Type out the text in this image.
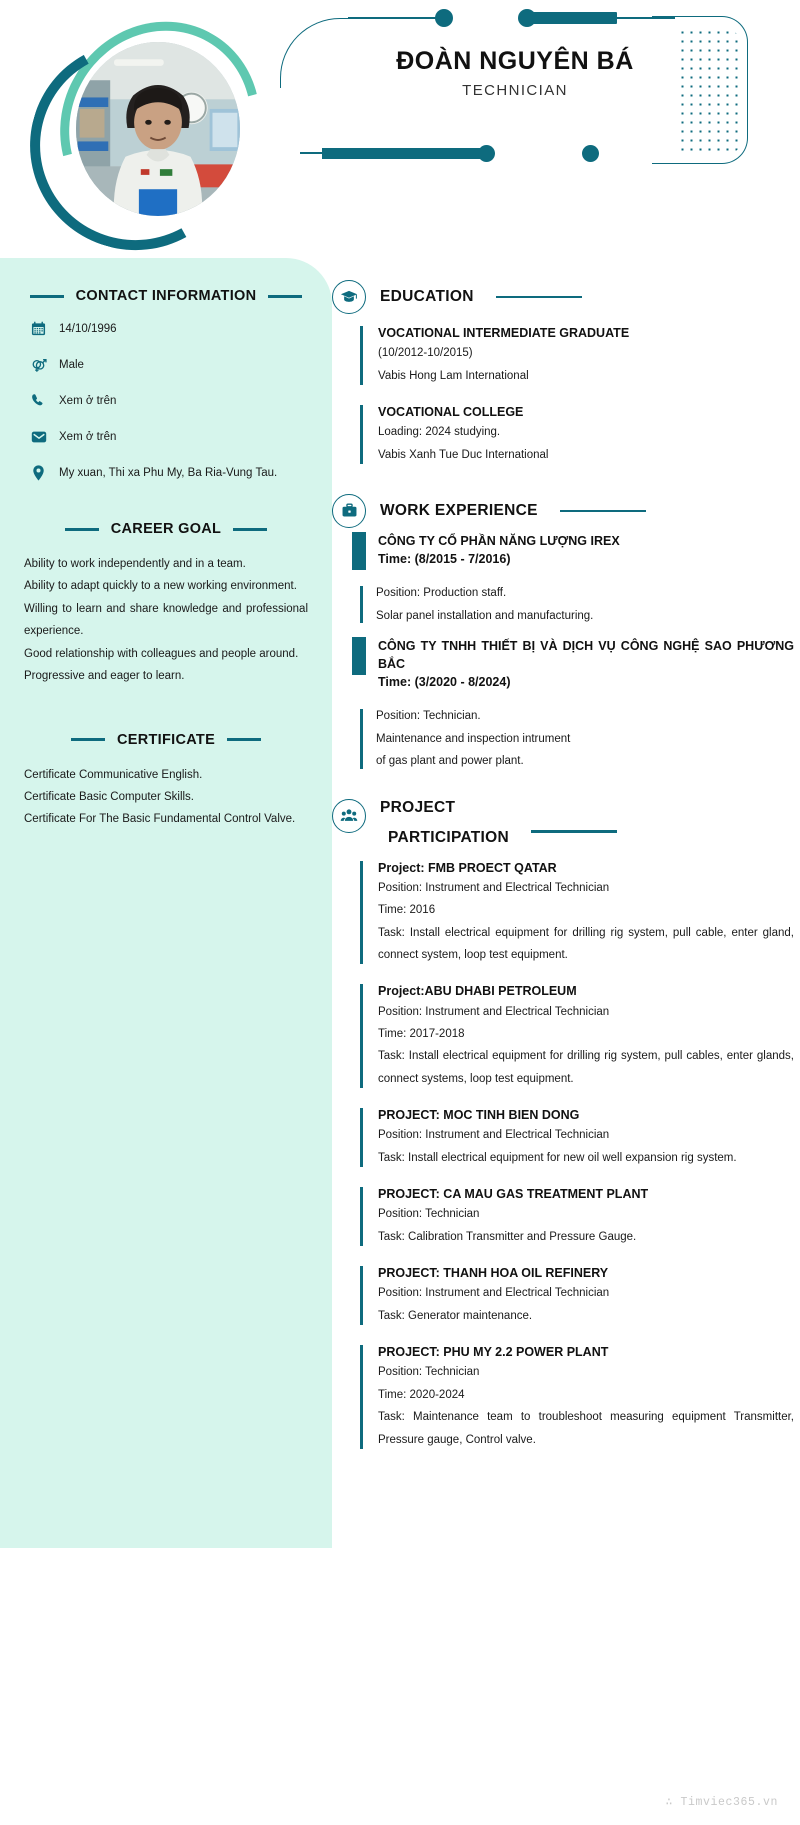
ĐOÀN NGUYÊN BÁ
TECHNICIAN
CONTACT INFORMATION
14/10/1996
Male
Xem ở trên
Xem ở trên
My xuan, Thi xa Phu My, Ba Ria-Vung Tau.
CAREER GOAL
Ability to work independently and in a team.
Ability to adapt quickly to a new working environment.
Willing to learn and share knowledge and professional experience.
Good relationship with colleagues and people around.
Progressive and eager to learn.
CERTIFICATE
Certificate Communicative English.
Certificate Basic Computer Skills.
Certificate For The Basic Fundamental Control Valve.
EDUCATION
VOCATIONAL INTERMEDIATE GRADUATE
(10/2012-10/2015)
Vabis Hong Lam International
VOCATIONAL COLLEGE
Loading: 2024 studying.
Vabis Xanh Tue Duc International
WORK EXPERIENCE
CÔNG TY CỔ PHẦN NĂNG LƯỢNG IREX
Time: (8/2015 - 7/2016)
Position: Production staff.
Solar panel installation and manufacturing.
CÔNG TY TNHH THIẾT BỊ VÀ DỊCH VỤ CÔNG NGHỆ SAO PHƯƠNG BẮC
Time: (3/2020 - 8/2024)
Position: Technician.
Maintenance and inspection intrument
of gas plant and power plant.
PROJECT
PARTICIPATION
Project: FMB PROECT QATAR
Position: Instrument and Electrical Technician
Time: 2016
Task: Install electrical equipment for drilling rig system, pull cable, enter gland, connect system, loop test equipment.
Project:ABU DHABI PETROLEUM
Position: Instrument and Electrical Technician
Time: 2017-2018
Task: Install electrical equipment for drilling rig system, pull cables, enter glands, connect systems, loop test equipment.
PROJECT: MOC TINH BIEN DONG
Position: Instrument and Electrical Technician
Task: Install electrical equipment for new oil well expansion rig system.
PROJECT: CA MAU GAS TREATMENT PLANT
Position: Technician
Task: Calibration Transmitter and Pressure Gauge.
PROJECT: THANH HOA OIL REFINERY
Position: Instrument and Electrical Technician
Task: Generator maintenance.
PROJECT: PHU MY 2.2 POWER PLANT
Position: Technician
Time: 2020-2024
Task: Maintenance team to troubleshoot measuring equipment Transmitter, Pressure gauge, Control valve.
∴ Timviec365.vn
